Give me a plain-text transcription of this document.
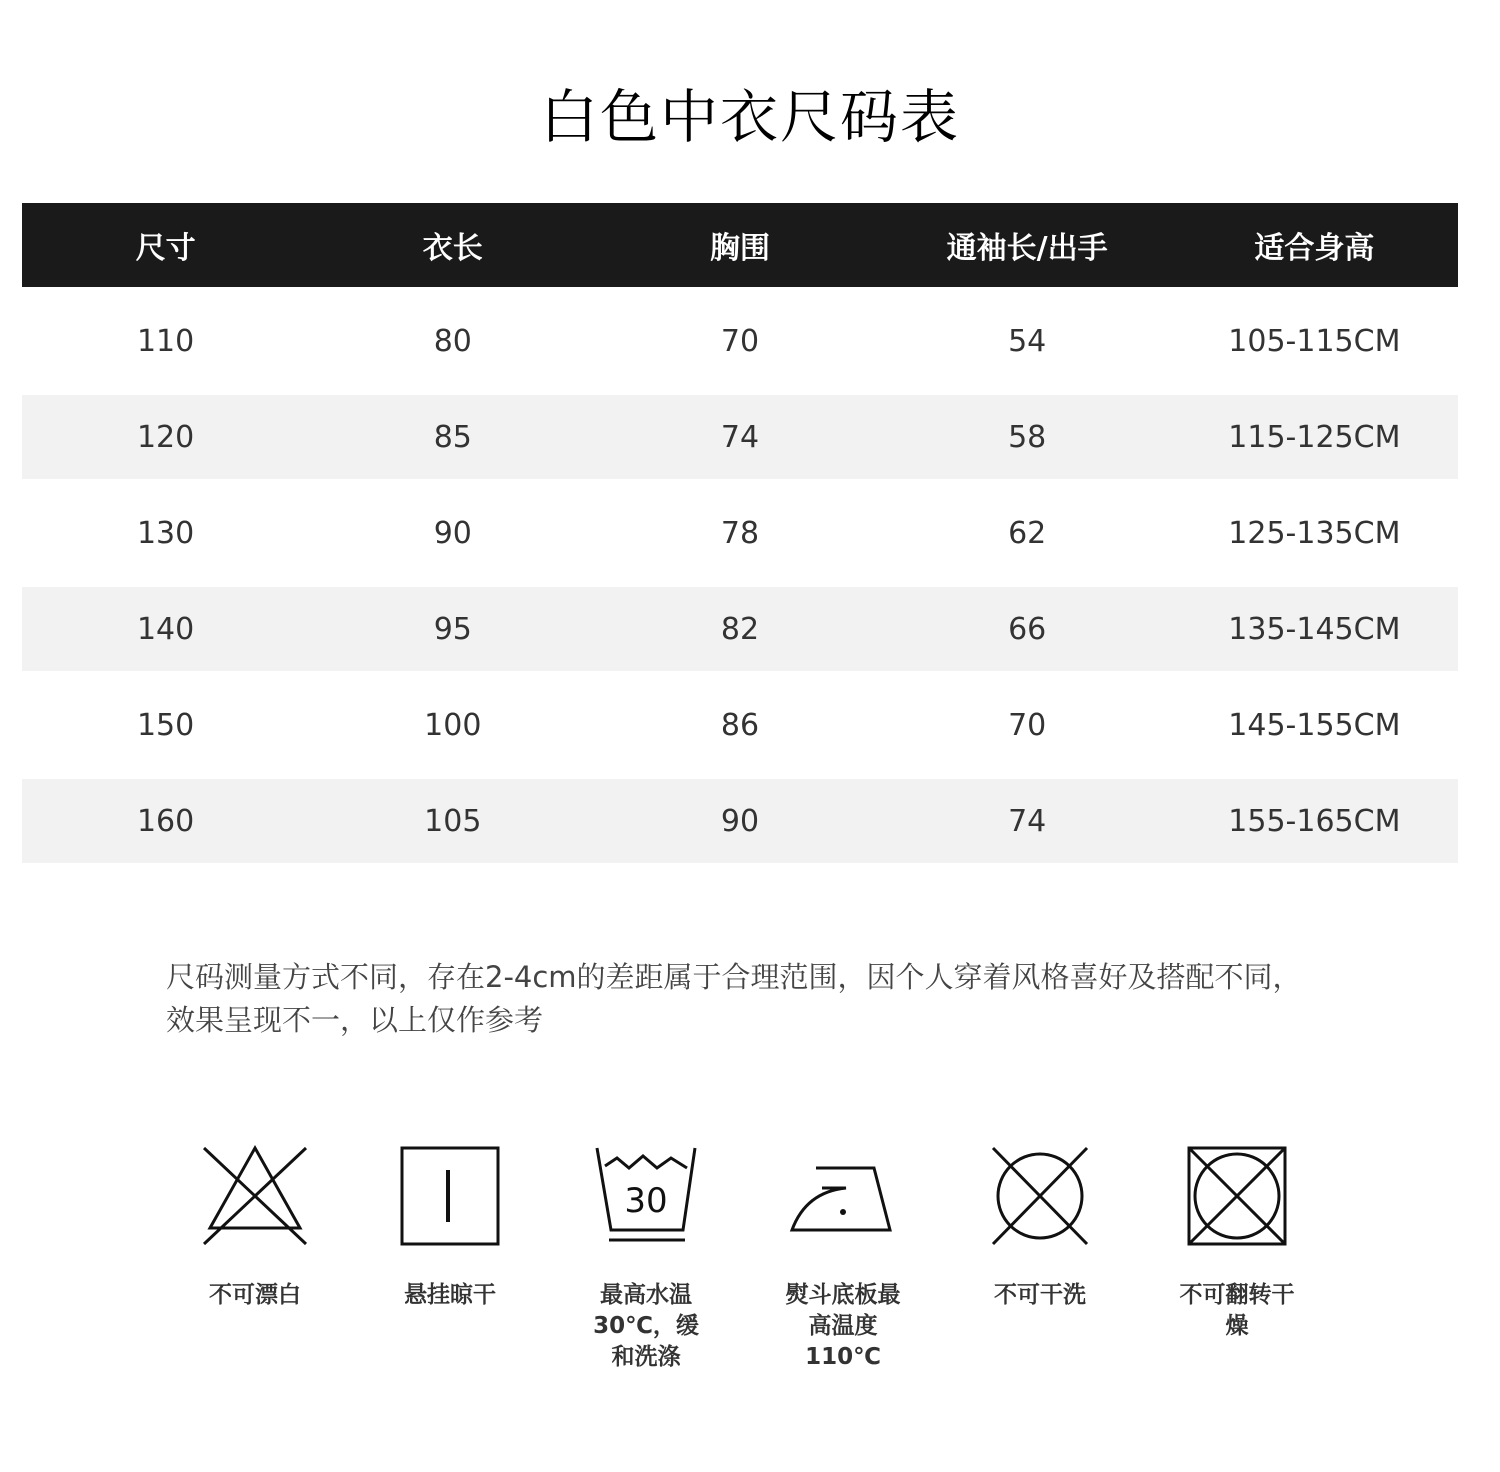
白色中衣尺码表
尺寸	衣长	胸围	通袖长/出手	适合身高
110	80	70	54	105-115CM
120	85	74	58	115-125CM
130	90	78	62	125-135CM
140	95	82	66	135-145CM
150	100	86	70	145-155CM
160	105	90	74	155-165CM
尺码测量方式不同，存在2-4cm的差距属于合理范围，因个人穿着风格喜好及搭配不同，
效果呈现不一，以上仅作参考
不可漂白	悬挂晾干
30
最高水温
30℃，缓
和洗涤
熨斗底板最
高温度
110℃
不可干洗	不可翻转干
燥
